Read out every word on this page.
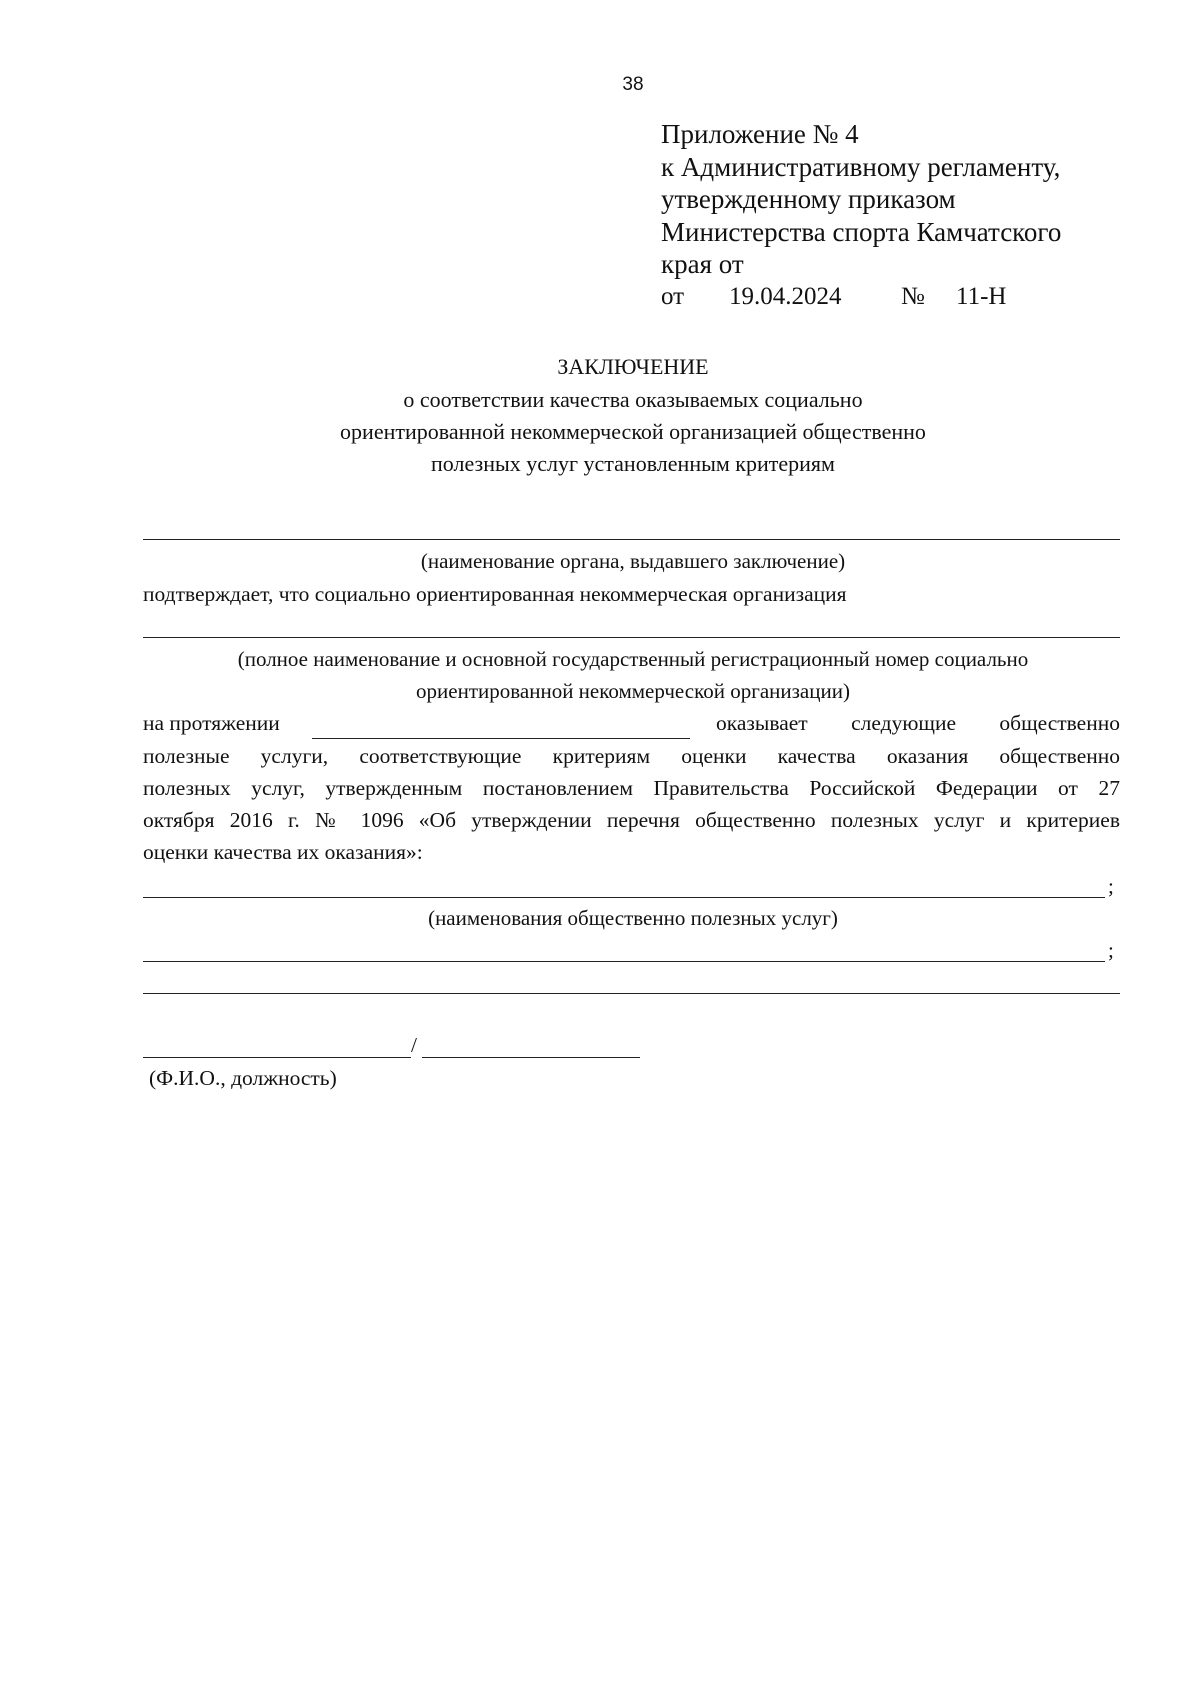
38
Приложение № 4
к Административному регламенту,
утвержденному приказом
Министерства спорта Камчатского
края от
от 19.04.2024 № 11-Н
ЗАКЛЮЧЕНИЕ
о соответствии качества оказываемых социально
ориентированной некоммерческой организацией общественно
полезных услуг установленным критериям
(наименование органа, выдавшего заключение)
подтверждает, что социально ориентированная некоммерческая организация
(полное наименование и основной государственный регистрационный номер социально
ориентированной некоммерческой организации)
на протяжении	оказывает следующие общественно
полезные услуги, соответствующие критериям оценки качества оказания общественно
полезных услуг, утвержденным постановлением Правительства Российской Федерации от 27
октября 2016 г. № 1096 «Об утверждении перечня общественно полезных услуг и критериев
оценки качества их оказания»:
;
(наименования общественно полезных услуг)
;
/
(Ф.И.О., должность)
